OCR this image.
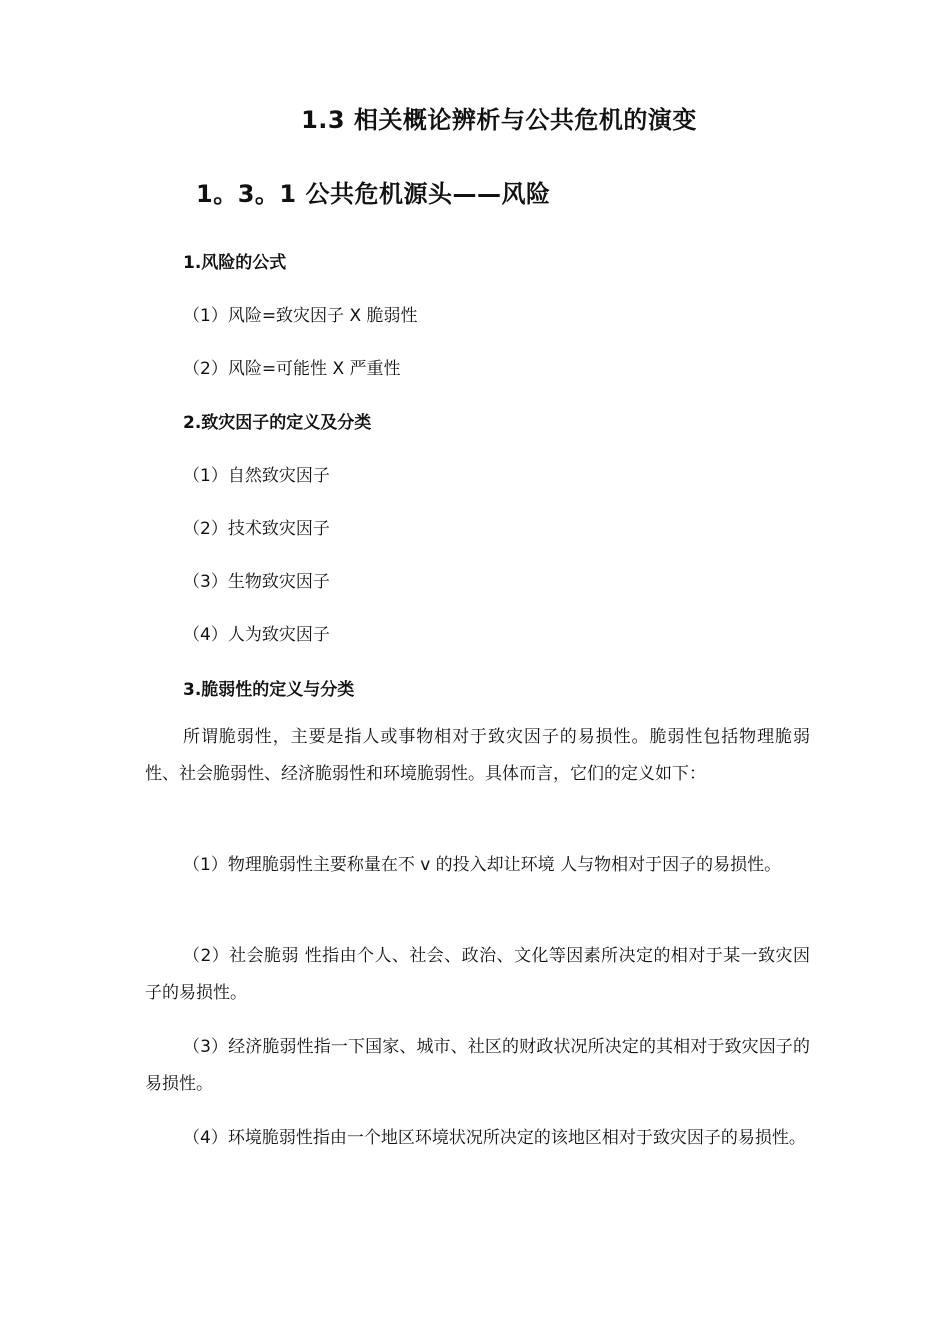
1.3 相关概论辨析与公共危机的演变
1。3。1 公共危机源头——风险
1.风险的公式
（1）风险=致灾因子 X 脆弱性
（2）风险=可能性 X 严重性
2.致灾因子的定义及分类
（1）自然致灾因子
（2）技术致灾因子
（3）生物致灾因子
（4）人为致灾因子
3.脆弱性的定义与分类
所谓脆弱性，主要是指人或事物相对于致灾因子的易损性。脆弱性包括物理脆弱性、社会脆弱性、经济脆弱性和环境脆弱性。具体而言，它们的定义如下：
（1）物理脆弱性主要称量在不 v 的投入却让环境 人与物相对于因子的易损性。
（2）社会脆弱 性指由个人、社会、政治、文化等因素所决定的相对于某一致灾因子的易损性。
（3）经济脆弱性指一下国家、城市、社区的财政状况所决定的其相对于致灾因子的易损性。
（4）环境脆弱性指由一个地区环境状况所决定的该地区相对于致灾因子的易损性。
